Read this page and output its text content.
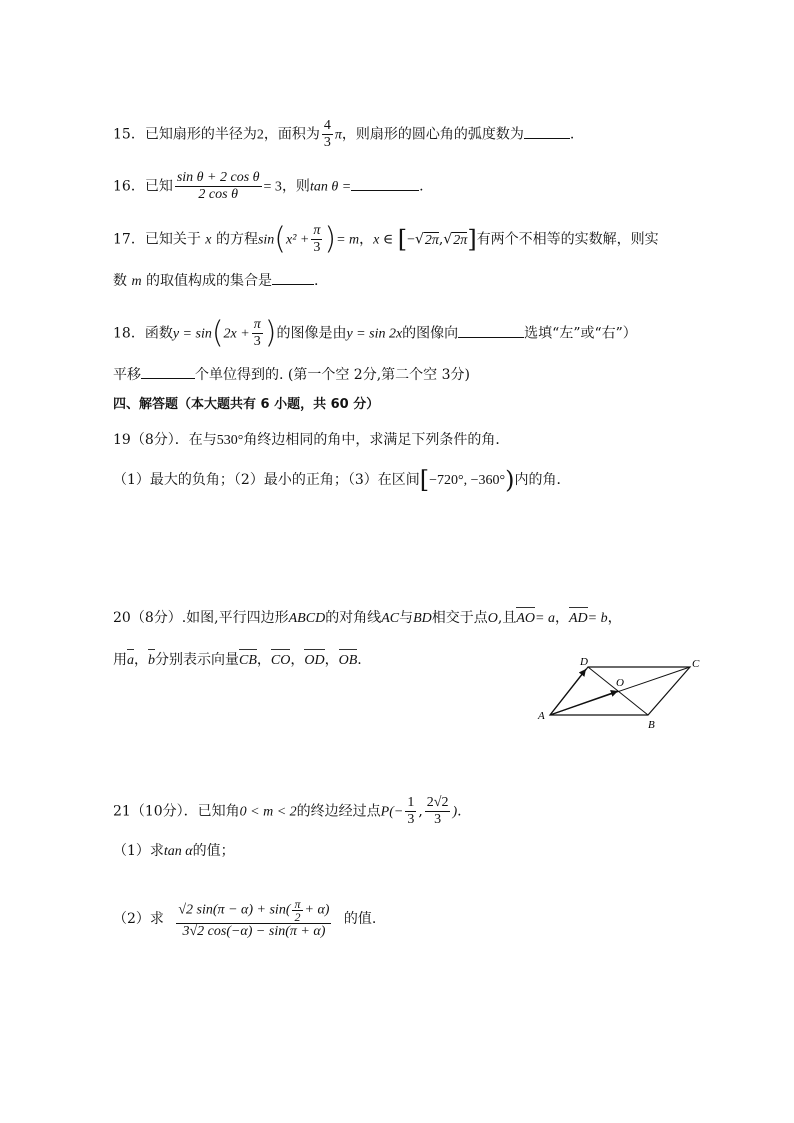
15．已知扇形的半径为2，面积为 $\frac{4}{3}$ π，则扇形的圆心角的弧度数为	.
16．已知 $\frac{\text{sin θ + 2 cos θ}}{\text{2 cos θ}} = 3$，则tan θ =	.
17．已知关于 x 的方程$\sin(x^2 + \frac{\pi}{3}$ )= m，x ∈ [−√2π,√2π]有两个不相等的实数解，则实
数 m 的取值构成的集合是	.
18．函数$y = \sin(2x + \frac{\pi}{3}$ )的图像是由y = sin 2x的图像向	选填“左”或“右”）
平移	个单位得到的. (第一个空 2分,第二个空 3分)
四、解答题（本大题共有 6 小题，共 60 分）
19（8分）．在与530°角终边相同的角中，求满足下列条件的角．
（1）最大的负角；（2）最小的正角；（3）在区间[−720°, −360°)内的角．
20（8分）.如图,平行四边形ABCD的对角线AC与BD相交于点O,且AO= a，AD= b，
用a，b分别表示向量CB，CO，OD，OB.
A
B
C
D
O
21（10分）．已知角0 < m < 2的终边经过点$P(- \frac{1}{3}$ , $\frac{2√2}{3}$ ).
（1）求tan α的值；
（2）求 $\frac{√2 \sin(\pi - \alpha) + \sin( \frac{\pi}{2} + \alpha)}{3√2 \cos(-\alpha) - \sin(\pi + \alpha)}$ 的值.
